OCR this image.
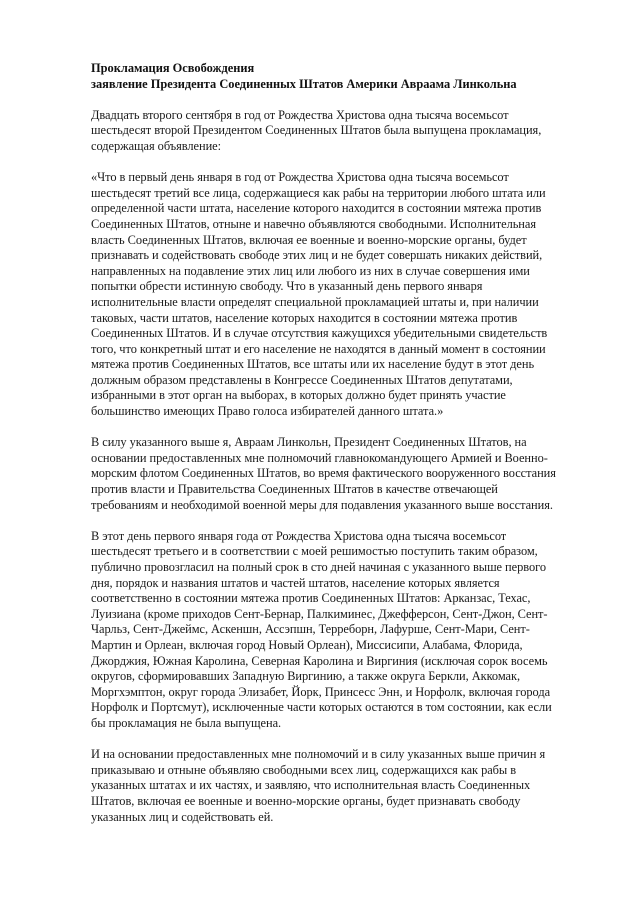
Прокламация Освобождения
заявление Президента Соединенных Штатов Америки Авраама Линкольна

Двадцать второго сентября в год от Рождества Христова одна тысяча восемьсот
шестьдесят второй Президентом Соединенных Штатов была выпущена прокламация,
содержащая объявление:

«Что в первый день января в год от Рождества Христова одна тысяча восемьсот
шестьдесят третий все лица, содержащиеся как рабы на территории любого штата или
определенной части штата, население которого находится в состоянии мятежа против
Соединенных Штатов, отныне и навечно объявляются свободными. Исполнительная
власть Соединенных Штатов, включая ее военные и военно-морские органы, будет
признавать и содействовать свободе этих лиц и не будет совершать никаких действий,
направленных на подавление этих лиц или любого из них в случае совершения ими
попытки обрести истинную свободу. Что в указанный день первого января
исполнительные власти определят специальной прокламацией штаты и, при наличии
таковых, части штатов, население которых находится в состоянии мятежа против
Соединенных Штатов. И в случае отсутствия кажущихся убедительными свидетельств
того, что конкретный штат и его население не находятся в данный момент в состоянии
мятежа против Соединенных Штатов, все штаты или их население будут в этот день
должным образом представлены в Конгрессе Соединенных Штатов депутатами,
избранными в этот орган на выборах, в которых должно будет принять участие
большинство имеющих Право голоса избирателей данного штата.»

В силу указанного выше я, Авраам Линкольн, Президент Соединенных Штатов, на
основании предоставленных мне полномочий главнокомандующего Армией и Военно-
морским флотом Соединенных Штатов, во время фактического вооруженного восстания
против власти и Правительства Соединенных Штатов в качестве отвечающей
требованиям и необходимой военной меры для подавления указанного выше восстания.

В этот день первого января года от Рождества Христова одна тысяча восемьсот
шестьдесят третьего и в соответствии с моей решимостью поступить таким образом,
публично провозгласил на полный срок в сто дней начиная с указанного выше первого
дня, порядок и названия штатов и частей штатов, население которых является
соответственно в состоянии мятежа против Соединенных Штатов: Арканзас, Техас,
Луизиана (кроме приходов Сент-Бернар, Палкиминес, Джефферсон, Сент-Джон, Сент-
Чарльз, Сент-Джеймс, Аскеншн, Ассэпшн, Терреборн, Лафурше, Сент-Мари, Сент-
Мартин и Орлеан, включая город Новый Орлеан), Миссисипи, Алабама, Флорида,
Джорджия, Южная Каролина, Северная Каролина и Виргиния (исключая сорок восемь
округов, сформировавших Западную Виргинию, а также округа Беркли, Аккомак,
Моргхэмптон, округ города Элизабет, Йорк, Принсесс Энн, и Норфолк, включая города
Норфолк и Портсмут), исключенные части которых остаются в том состоянии, как если
бы прокламация не была выпущена.

И на основании предоставленных мне полномочий и в силу указанных выше причин я
приказываю и отныне объявляю свободными всех лиц, содержащихся как рабы в
указанных штатах и их частях, и заявляю, что исполнительная власть Соединенных
Штатов, включая ее военные и военно-морские органы, будет признавать свободу
указанных лиц и содействовать ей.
